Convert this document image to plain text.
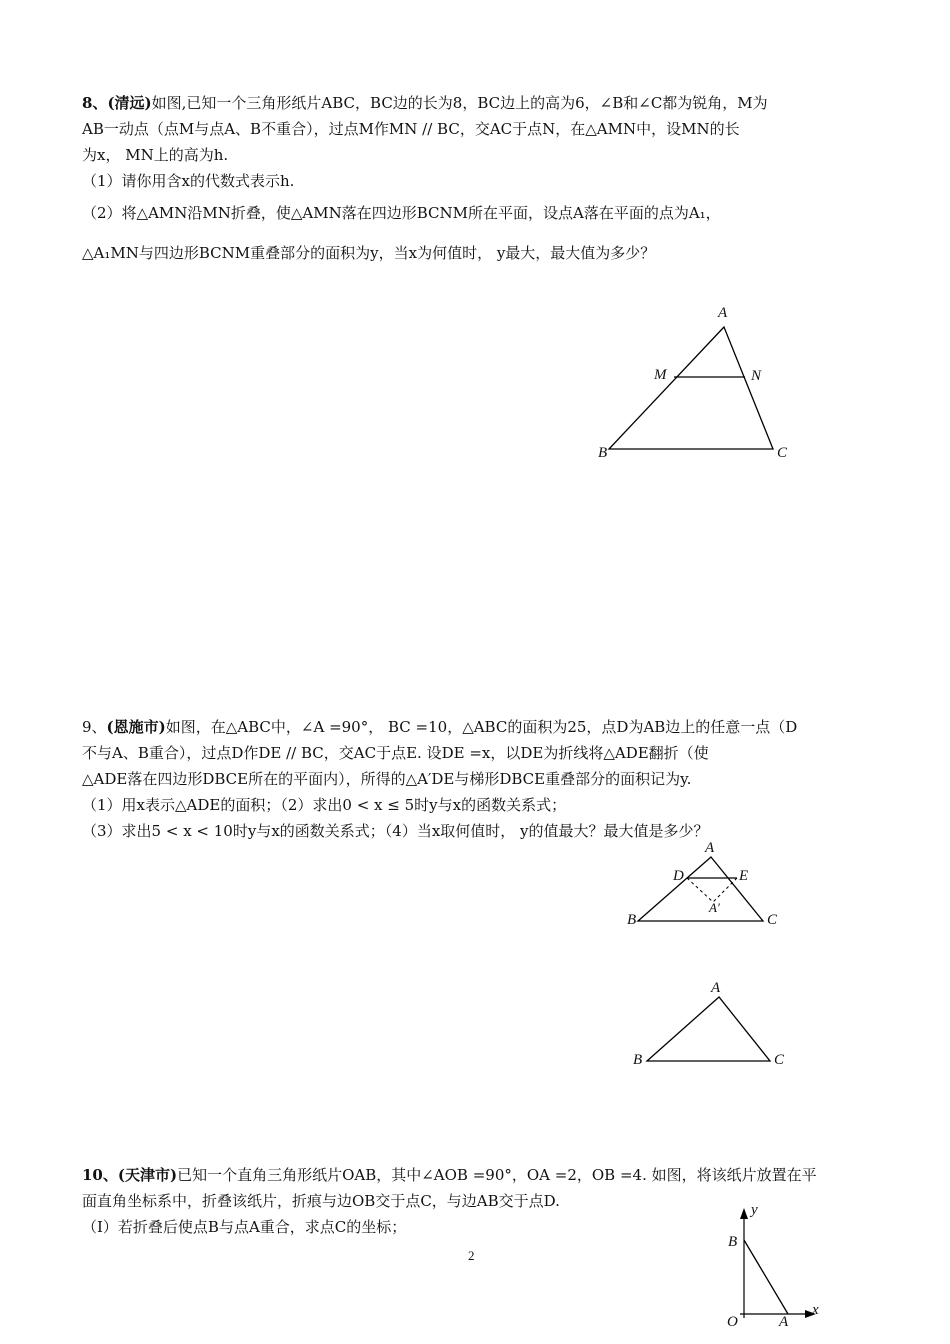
8、(清远)如图,已知一个三角形纸片ABC，BC边的长为8，BC边上的高为6，∠B和∠C都为锐角，M为

AB一动点（点M与点A、B不重合），过点M作MN // BC，交AC于点N，在△AMN中，设MN的长

为x， MN上的高为h.

（1）请你用含x的代数式表示h.

（2）将△AMN沿MN折叠，使△AMN落在四边形BCNM所在平面，设点A落在平面的点为A₁，

△A₁MN与四边形BCNM重叠部分的面积为y，当x为何值时， y最大，最大值为多少？

A
M	N
B	C

9、(恩施市)如图，在△ABC中，∠A =90°， BC =10，△ABC的面积为25，点D为AB边上的任意一点（D

不与A、B重合），过点D作DE // BC，交AC于点E. 设DE =x，以DE为折线将△ADE翻折（使

△ADE落在四边形DBCE所在的平面内），所得的△A′DE与梯形DBCE重叠部分的面积记为y.

（1）用x表示△ADE的面积；（2）求出0 < x ≤ 5时y与x的函数关系式；

（3）求出5 < x < 10时y与x的函数关系式；（4）当x取何值时， y的值最大？最大值是多少？

A
D	E
A′
B	C
A
B	C

10、(天津市)已知一个直角三角形纸片OAB，其中∠AOB =90°，OA =2，OB =4. 如图，将该纸片放置在平

面直角坐标系中，折叠该纸片，折痕与边OB交于点C，与边AB交于点D.

（Ⅰ）若折叠后使点B与点A重合，求点C的坐标；

y
B
O	A
x
2
